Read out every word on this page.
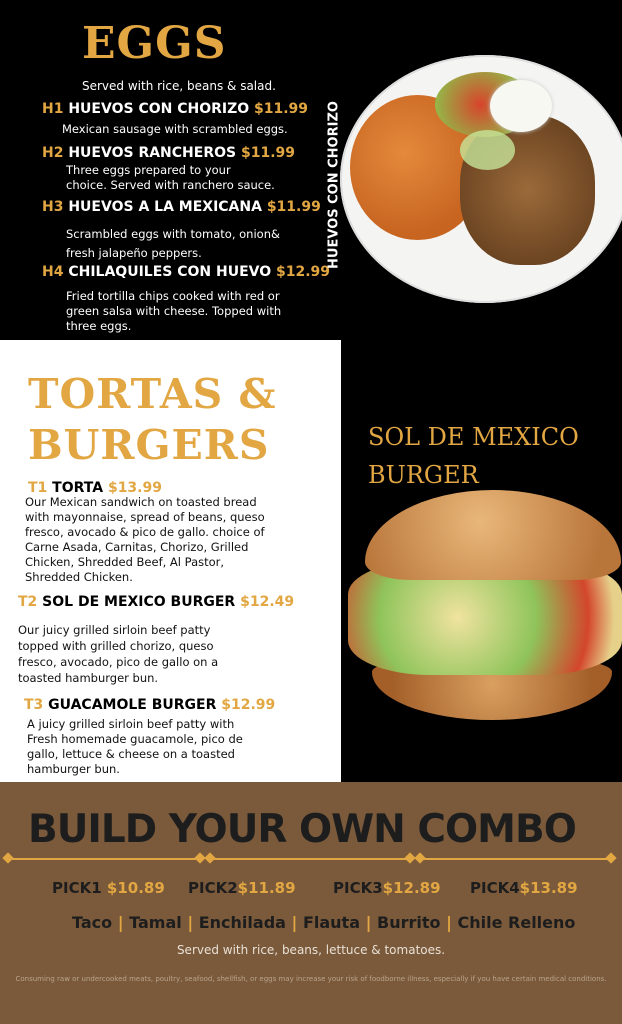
EGGS
Served with rice, beans & salad.
H1 HUEVOS CON CHORIZO $11.99
Mexican sausage with scrambled eggs.
H2 HUEVOS RANCHEROS $11.99
Three eggs prepared to your
choice. Served with ranchero sauce.
H3 HUEVOS A LA MEXICANA $11.99
Scrambled eggs with tomato, onion&
fresh jalapeño peppers.
H4 CHILAQUILES CON HUEVO $12.99
Fried tortilla chips cooked with red or
green salsa with cheese. Topped with
three eggs.
HUEVOS CON CHORIZO
TORTAS &
BURGERS
T1 TORTA $13.99
Our Mexican sandwich on toasted bread
with mayonnaise, spread of beans, queso
fresco, avocado & pico de gallo. choice of
Carne Asada, Carnitas, Chorizo, Grilled
Chicken, Shredded Beef, Al Pastor,
Shredded Chicken.
T2 SOL DE MEXICO BURGER $12.49
Our juicy grilled sirloin beef patty
topped with grilled chorizo, queso
fresco, avocado, pico de gallo on a
toasted hamburger bun.
T3 GUACAMOLE BURGER $12.99
A juicy grilled sirloin beef patty with
Fresh homemade guacamole, pico de
gallo, lettuce & cheese on a toasted
hamburger bun.
SOL DE MEXICO
BURGER
BUILD YOUR OWN COMBO
PICK1 $10.89 PICK2$11.89 PICK3$12.89 PICK4$13.89
Taco | Tamal | Enchilada | Flauta | Burrito | Chile Relleno
Served with rice, beans, lettuce & tomatoes.
Consuming raw or undercooked meats, poultry, seafood, shellfish, or eggs may increase your risk of foodborne illness, especially if you have certain medical conditions.
